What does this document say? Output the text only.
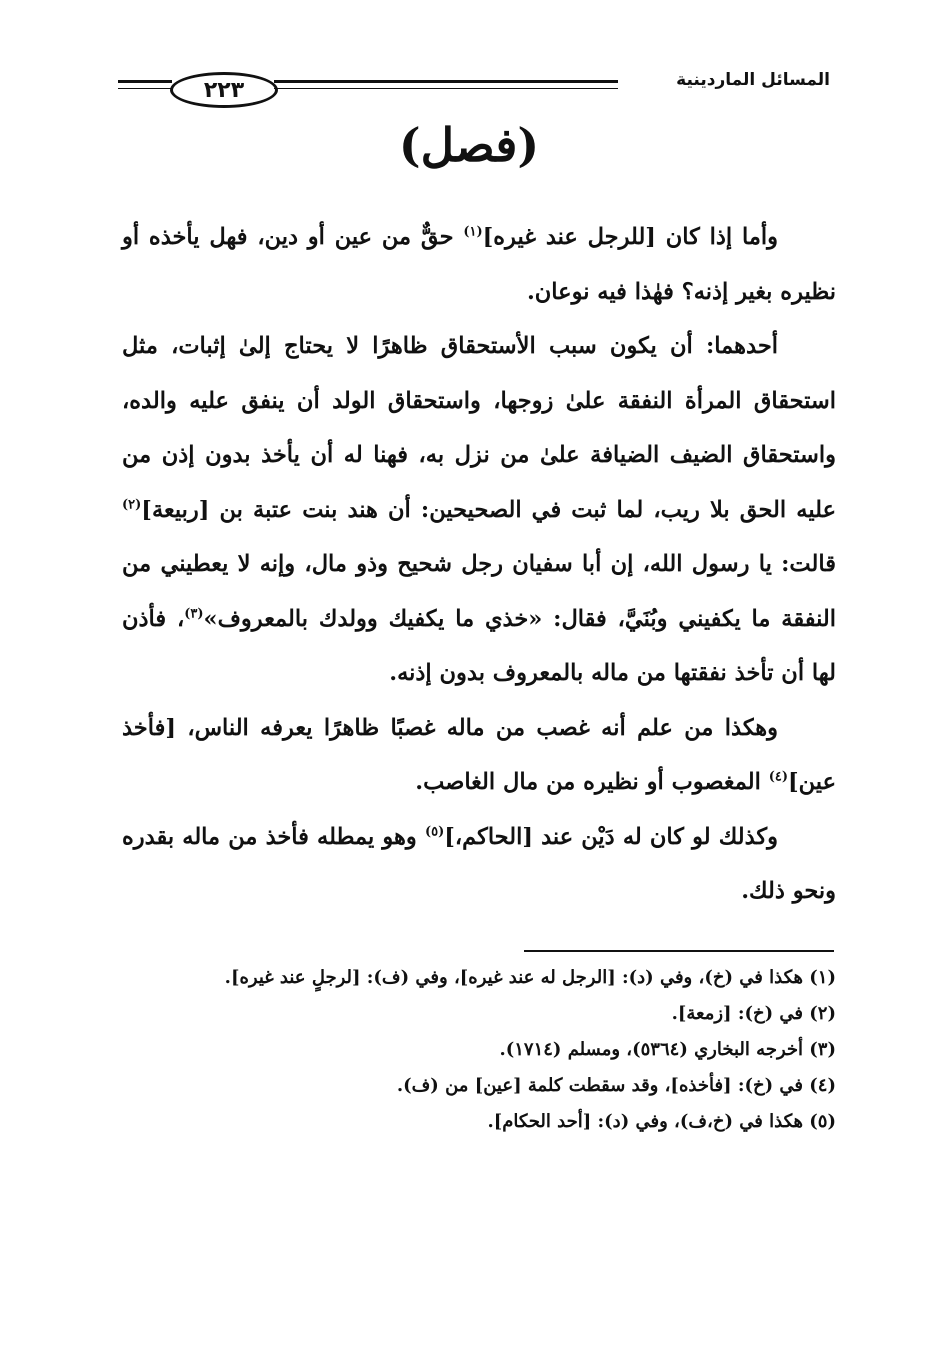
٢٢٣	المسائل الماردينية
(فصل)

وأما إذا كان [للرجل عند غيره]$^{(١)}$ حقٌّ من عين أو دين، فهل يأخذه أو نظيره بغير إذنه؟ فهٰذا فيه نوعان.

أحدهما: أن يكون سبب الأستحقاق ظاهرًا لا يحتاج إلىٰ إثبات، مثل استحقاق المرأة النفقة علىٰ زوجها، واستحقاق الولد أن ينفق عليه والده، واستحقاق الضيف الضيافة علىٰ من نزل به، فهنا له أن يأخذ بدون إذن من عليه الحق بلا ريب، لما ثبت في الصحيحين: أن هند بنت عتبة بن [ربيعة]$^{(٢)}$ قالت: يا رسول الله، إن أبا سفيان رجل شحيح وذو مال، وإنه لا يعطيني من النفقة ما يكفيني وبُنَيَّ، فقال: «خذي ما يكفيك وولدك بالمعروف»$^{(٣)}$، فأذن لها أن تأخذ نفقتها من ماله بالمعروف بدون إذنه.

وهكذا من علم أنه غصب من ماله غصبًا ظاهرًا يعرفه الناس، [فأخذ عين]$^{(٤)}$ المغصوب أو نظيره من مال الغاصب.

وكذلك لو كان له دَيْن عند [الحاكم،]$^{(٥)}$ وهو يمطله فأخذ من ماله بقدره ونحو ذلك.

(١) هكذا في (خ)، وفي (د): [الرجل له عند غيره]، وفي (ف): [لرجلٍ عند غيره].

(٢) في (خ): [زمعة].

(٣) أخرجه البخاري (٥٣٦٤)، ومسلم (١٧١٤).

(٤) في (خ): [فأخذه]، وقد سقطت كلمة [عين] من (ف).

(٥) هكذا في (خ،ف)، وفي (د): [أحد الحكام].
